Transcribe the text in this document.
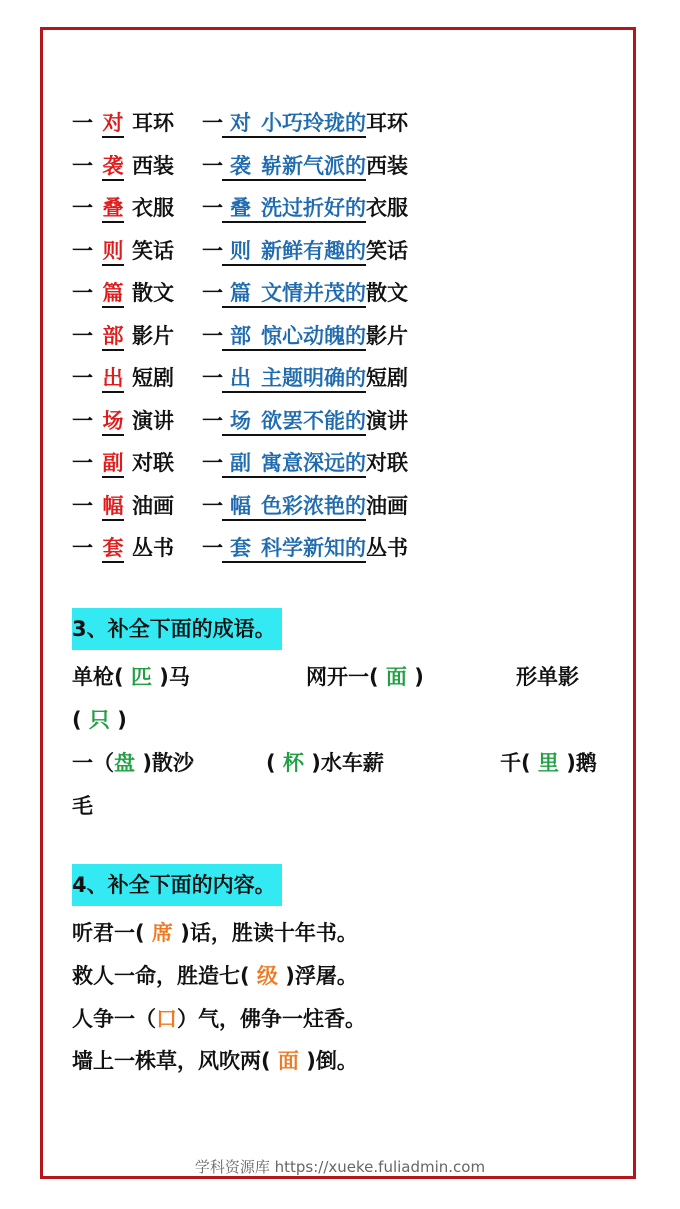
一 对 耳环 一 对 小巧玲珑的耳环
一 袭 西装 一 袭 崭新气派的西装
一 叠 衣服 一 叠 洗过折好的衣服
一 则 笑话 一 则 新鲜有趣的笑话
一 篇 散文 一 篇 文情并茂的散文
一 部 影片 一 部 惊心动魄的影片
一 出 短剧 一 出 主题明确的短剧
一 场 演讲 一 场 欲罢不能的演讲
一 副 对联 一 副 寓意深远的对联
一 幅 油画 一 幅 色彩浓艳的油画
一 套 丛书 一 套 科学新知的丛书
3、补全下面的成语。
单枪( 匹 )马	网开一( 面 )	形单影
( 只 )
一（盘 )散沙	( 杯 )水车薪	千( 里 )鹅
毛
4、补全下面的内容。
听君一( 席 )话，胜读十年书。
救人一命，胜造七( 级 )浮屠。
人争一（口）气，佛争一炷香。
墙上一株草，风吹两( 面 )倒。
学科资源库 https://xueke.fuliadmin.com
